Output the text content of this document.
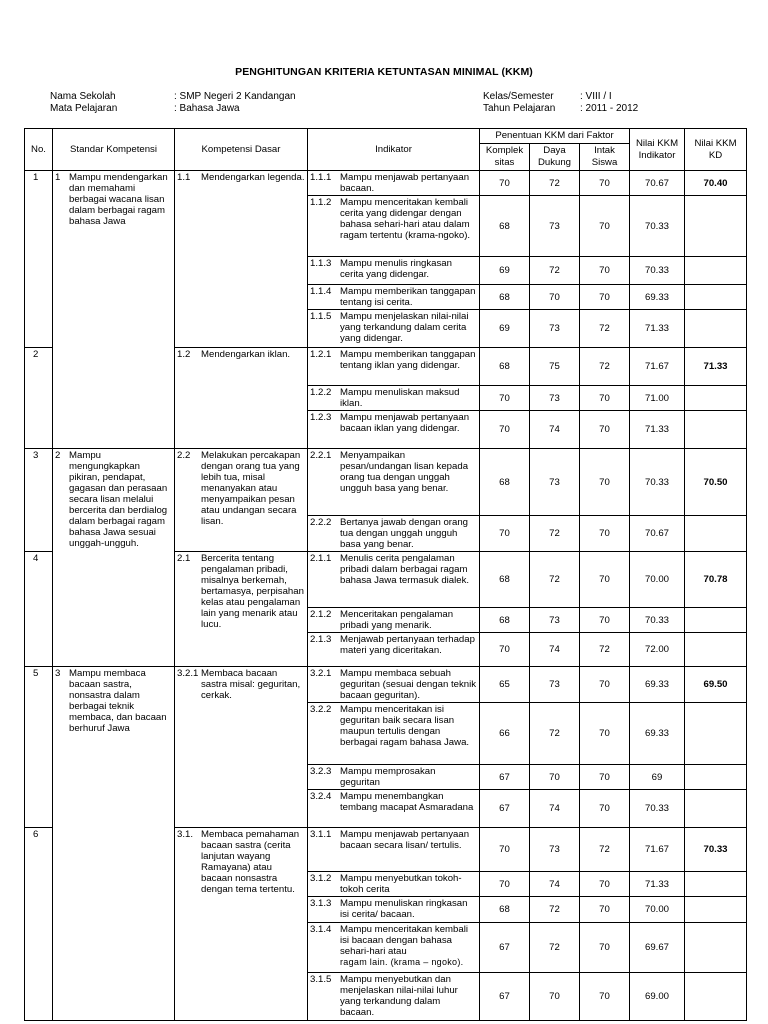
PENGHITUNGAN KRITERIA KETUNTASAN MINIMAL (KKM)
Nama Sekolah	: SMP Negeri 2 Kandangan
Mata Pelajaran	: Bahasa Jawa
Kelas/Semester	: VIII / I
Tahun Pelajaran : 2011 - 2012
No.	Standar Kompetensi	Kompetensi Dasar	Indikator	Penentuan KKM dari Faktor			Nilai KKM Indikator	Nilai KKM KD
				Komplek sitas	Daya Dukung	Intak Siswa		
1	1 Mampu mendengarkan dan memahami berbagai wacana lisan dalam berbagai ragam bahasa Jawa	1.1 Mendengarkan legenda.	1.1.1 Mampu menjawab pertanyaan bacaan.	70	72	70	70.67	70.40

			1.1.2 Mampu menceritakan kembali cerita yang didengar dengan bahasa sehari-hari atau dalam ragam tertentu (krama-ngoko).	68	73	70	70.33	

			1.1.3 Mampu menulis ringkasan cerita yang didengar.	69	72	70	70.33	

			1.1.4 Mampu memberikan tanggapan tentang isi cerita.	68	70	70	69.33	

			1.1.5 Mampu menjelaskan nilai-nilai yang terkandung dalam cerita yang didengar.	69	73	72	71.33	
2		1.2 Mendengarkan iklan.	1.2.1 Mampu memberikan tanggapan tentang iklan yang didengar.	68	75	72	71.67	71.33

			1.2.2 Mampu menuliskan maksud iklan.	70	73	70	71.00	

			1.2.3 Mampu menjawab pertanyaan bacaan iklan yang didengar.	70	74	70	71.33	
3	2 Mampu mengungkapkan pikiran, pendapat, gagasan dan perasaan secara lisan melalui bercerita dan berdialog dalam berbagai ragam bahasa Jawa sesuai unggah-ungguh.	2.2 Melakukan percakapan dengan orang tua yang lebih tua, misal menanyakan atau menyampaikan pesan atau undangan secara lisan.	2.2.1 Menyampaikan pesan/undangan lisan kepada orang tua dengan unggah ungguh basa yang benar.	68	73	70	70.33	70.50

			2.2.2 Bertanya jawab dengan orang tua dengan unggah ungguh basa yang benar.	70	72	70	70.67	
4		2.1 Bercerita tentang pengalaman pribadi, misalnya berkemah, bertamasya, perpisahan kelas atau pengalaman lain yang menarik atau lucu.	2.1.1 Menulis cerita pengalaman pribadi dalam berbagai ragam bahasa Jawa termasuk dialek.	68	72	70	70.00	70.78

			2.1.2 Menceritakan pengalaman pribadi yang menarik.	68	73	70	70.33	

			2.1.3 Menjawab pertanyaan terhadap materi yang diceritakan.	70	74	72	72.00	
5	3 Mampu membaca bacaan sastra, nonsastra dalam berbagai teknik membaca, dan bacaan berhuruf Jawa	3.2.1 Membaca bacaan sastra misal: geguritan, cerkak.	3.2.1 Mampu membaca sebuah geguritan (sesuai dengan teknik bacaan geguritan).	65	73	70	69.33	69.50

			3.2.2 Mampu menceritakan isi geguritan baik secara lisan maupun tertulis dengan berbagai ragam bahasa Jawa.	66	72	70	69.33	

			3.2.3 Mampu memprosakan geguritan	67	70	70	69	

			3.2.4 Mampu menembangkan tembang macapat Asmaradana	67	74	70	70.33	
6		3.1. Membaca pemahaman bacaan sastra (cerita lanjutan wayang Ramayana) atau bacaan nonsastra dengan tema tertentu.	3.1.1 Mampu menjawab pertanyaan bacaan secara lisan/ tertulis.	70	73	72	71.67	70.33

			3.1.2 Mampu menyebutkan tokoh-tokoh cerita	70	74	70	71.33	

			3.1.3 Mampu menuliskan ringkasan isi cerita/ bacaan.	68	72	70	70.00	

			3.1.4 Mampu menceritakan kembali isi bacaan dengan bahasa sehari-hari atau
ragam lain. (krama – ngoko).	67	72	70	69.67	

			3.1.5 Mampu menyebutkan dan menjelaskan nilai-nilai luhur yang terkandung dalam bacaan.	67	70	70	69.00	
